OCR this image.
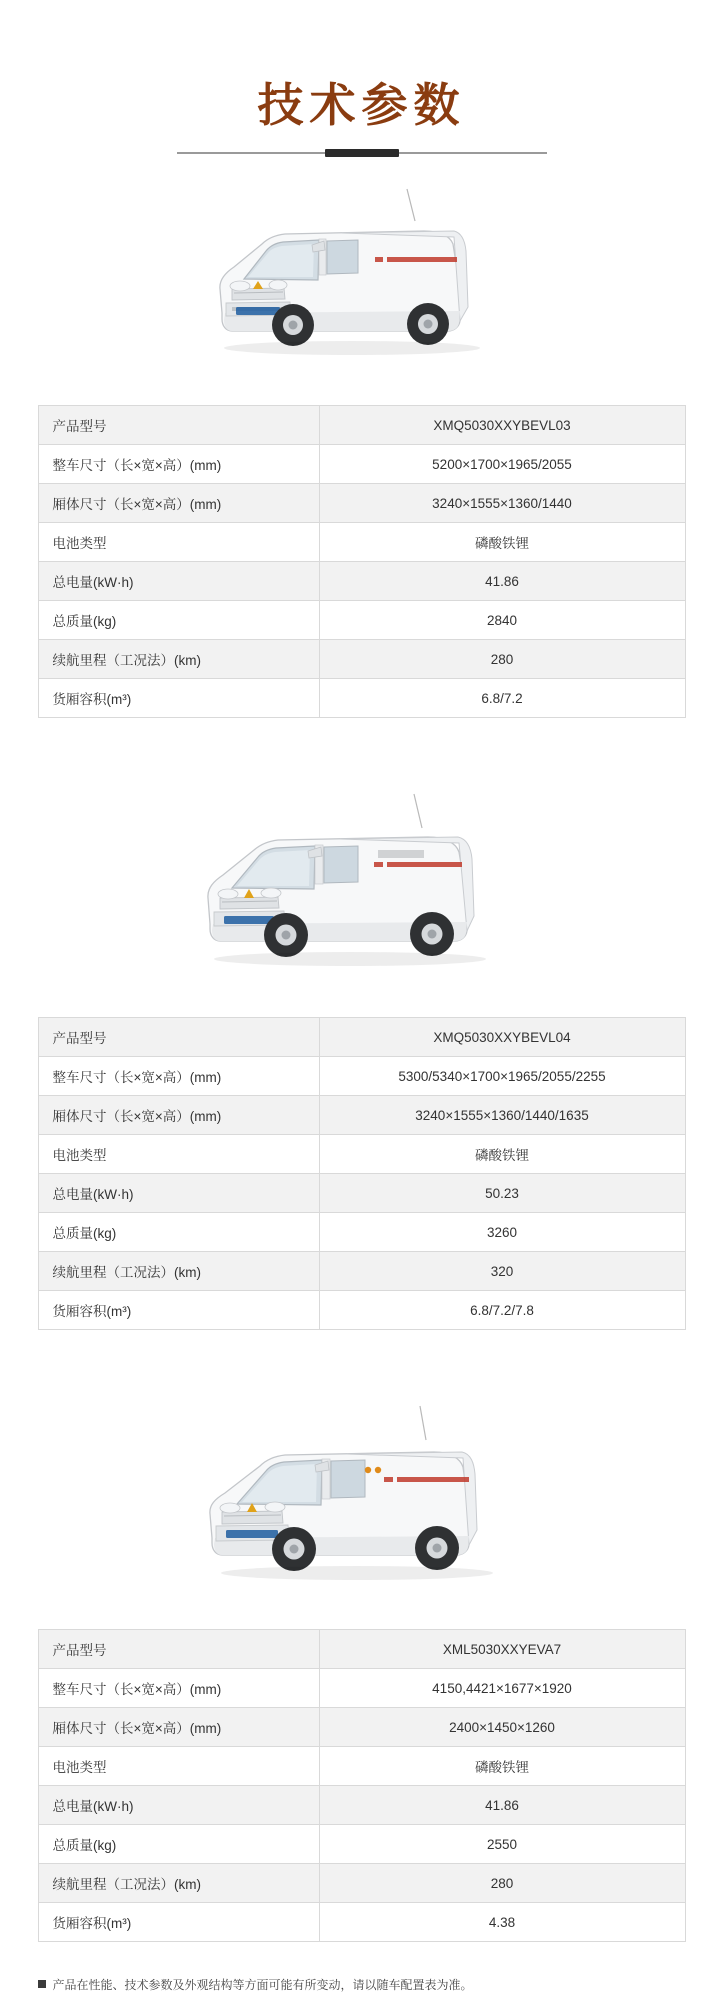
技术参数
产品型号	XMQ5030XXYBEVL03
整车尺寸（长×宽×高）(mm)	5200×1700×1965/2055
厢体尺寸（长×宽×高）(mm)	3240×1555×1360/1440
电池类型	磷酸铁锂
总电量(kW·h)	41.86
总质量(kg)	2840
续航里程（工况法）(km)	280
货厢容积(m³)	6.8/7.2
产品型号	XMQ5030XXYBEVL04
整车尺寸（长×宽×高）(mm)	5300/5340×1700×1965/2055/2255
厢体尺寸（长×宽×高）(mm)	3240×1555×1360/1440/1635
电池类型	磷酸铁锂
总电量(kW·h)	50.23
总质量(kg)	3260
续航里程（工况法）(km)	320
货厢容积(m³)	6.8/7.2/7.8
产品型号	XML5030XXYEVA7
整车尺寸（长×宽×高）(mm)	4150,4421×1677×1920
厢体尺寸（长×宽×高）(mm)	2400×1450×1260
电池类型	磷酸铁锂
总电量(kW·h)	41.86
总质量(kg)	2550
续航里程（工况法）(km)	280
货厢容积(m³)	4.38
产品在性能、技术参数及外观结构等方面可能有所变动，请以随车配置表为准。
